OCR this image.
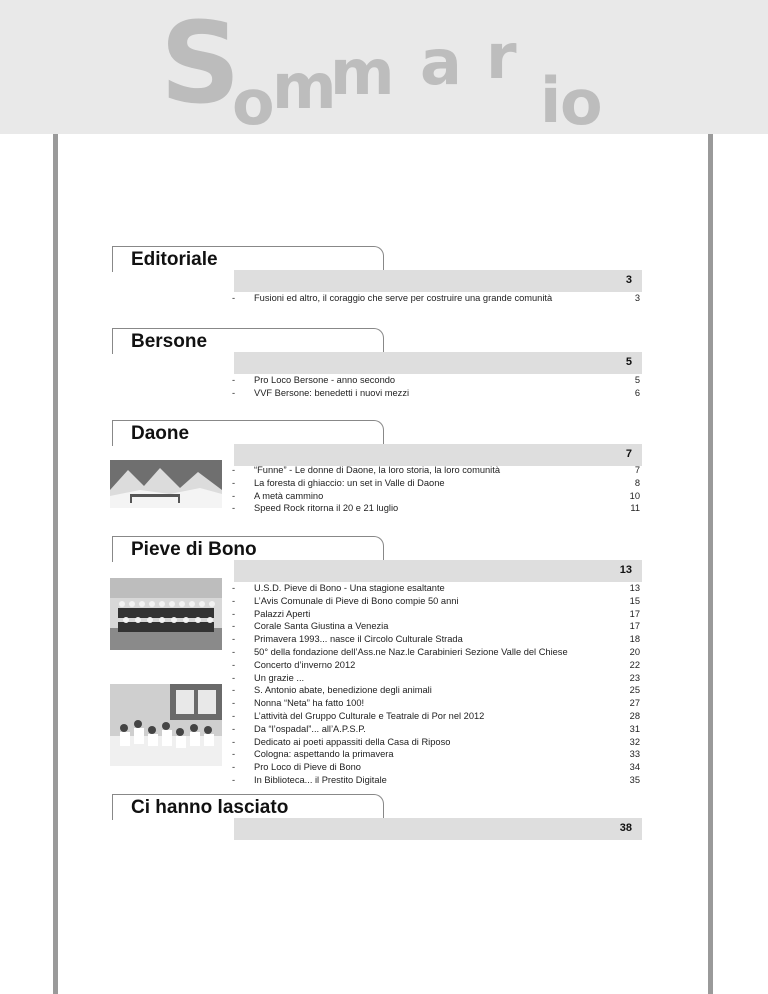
S
o
m
m a r
i
o
Editoriale
3
- Fusioni ed altro, il coraggio che serve per costruire una grande comunità	3
Bersone
5
- Pro Loco Bersone - anno secondo	5
- VVF Bersone: benedetti i nuovi mezzi	6
Daone
7
- “Funne” - Le donne di Daone, la loro storia, la loro comunità	7
- La foresta di ghiaccio: un set in Valle di Daone	8
- A metà cammino	10
- Speed Rock ritorna il 20 e 21 luglio	11
Pieve di Bono
13
- U.S.D. Pieve di Bono - Una stagione esaltante	13
- L’Avis Comunale di Pieve di Bono compie 50 anni	15
- Palazzi Aperti	17
- Corale Santa Giustina a Venezia	17
- Primavera 1993... nasce il Circolo Culturale Strada	18
- 50° della fondazione dell’Ass.ne Naz.le Carabinieri Sezione Valle del Chiese	20
- Concerto d’inverno 2012	22
- Un grazie ...	23
- S. Antonio abate, benedizione degli animali	25
- Nonna “Neta” ha fatto 100!	27
- L’attività del Gruppo Culturale e Teatrale di Por nel 2012	28
- Da “l’ospadal”... all’A.P.S.P.	31
- Dedicato ai poeti appassiti della Casa di Riposo	32
- Cologna: aspettando la primavera	33
- Pro Loco di Pieve di Bono	34
- In Biblioteca... il Prestito Digitale	35
Ci hanno lasciato
38
